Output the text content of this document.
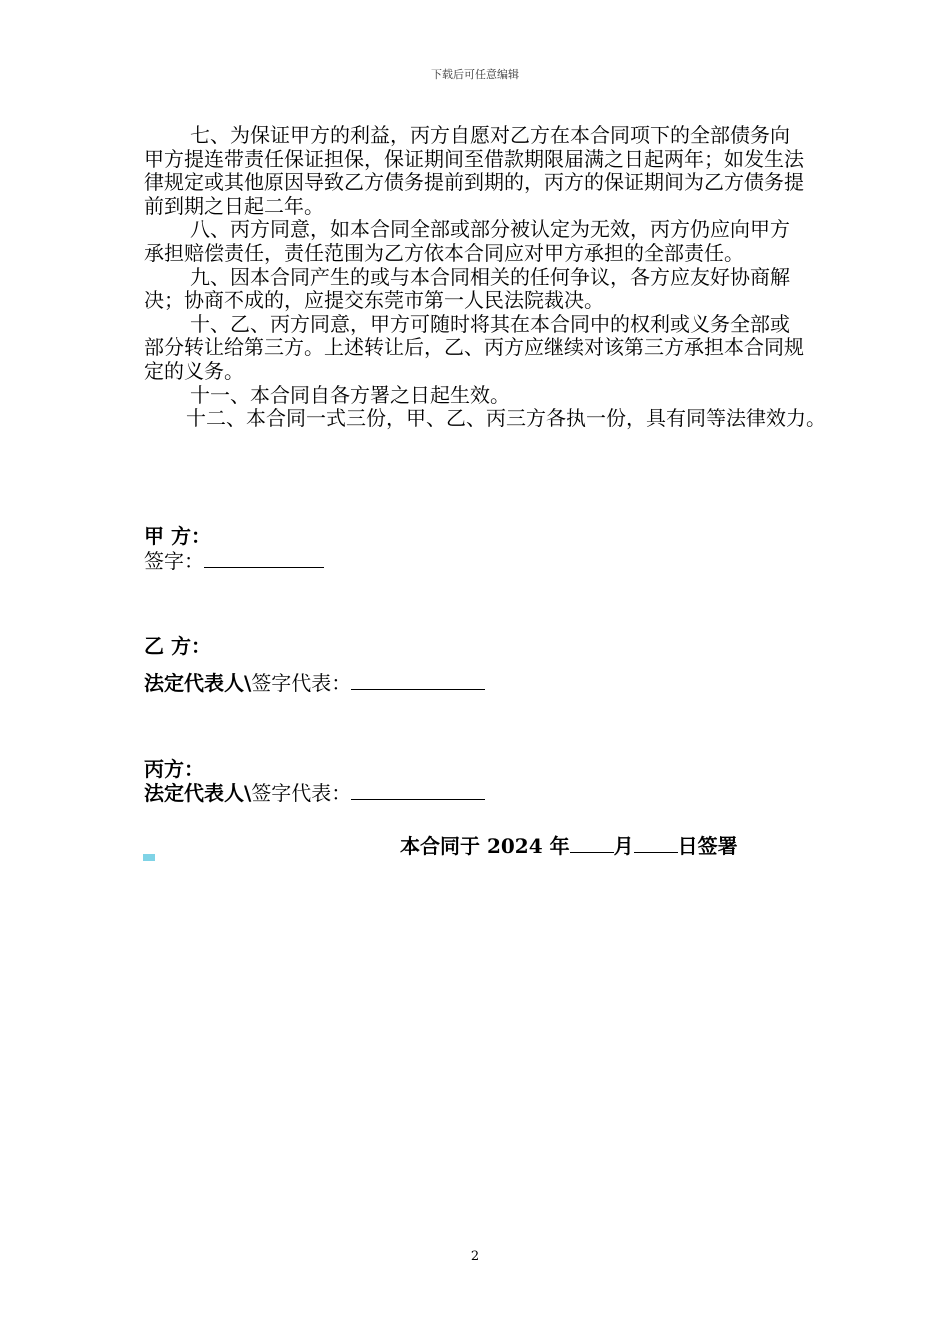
下载后可任意编辑

七、为保证甲方的利益，丙方自愿对乙方在本合同项下的全部债务向甲方提连带责任保证担保，保证期间至借款期限届满之日起两年；如发生法律规定或其他原因导致乙方债务提前到期的，丙方的保证期间为乙方债务提前到期之日起二年。

八、丙方同意，如本合同全部或部分被认定为无效，丙方仍应向甲方承担赔偿责任，责任范围为乙方依本合同应对甲方承担的全部责任。

九、因本合同产生的或与本合同相关的任何争议，各方应友好协商解决；协商不成的，应提交东莞市第一人民法院裁决。

十、乙、丙方同意，甲方可随时将其在本合同中的权利或义务全部或部分转让给第三方。上述转让后，乙、丙方应继续对该第三方承担本合同规定的义务。

十一、本合同自各方署之日起生效。

十二、本合同一式三份，甲、乙、丙三方各执一份，具有同等法律效力。

甲 方：
签字：
乙 方：
法定代表人\签字代表：
丙方：
法定代表人\签字代表：
本合同于 2024 年 月 日签署
2
